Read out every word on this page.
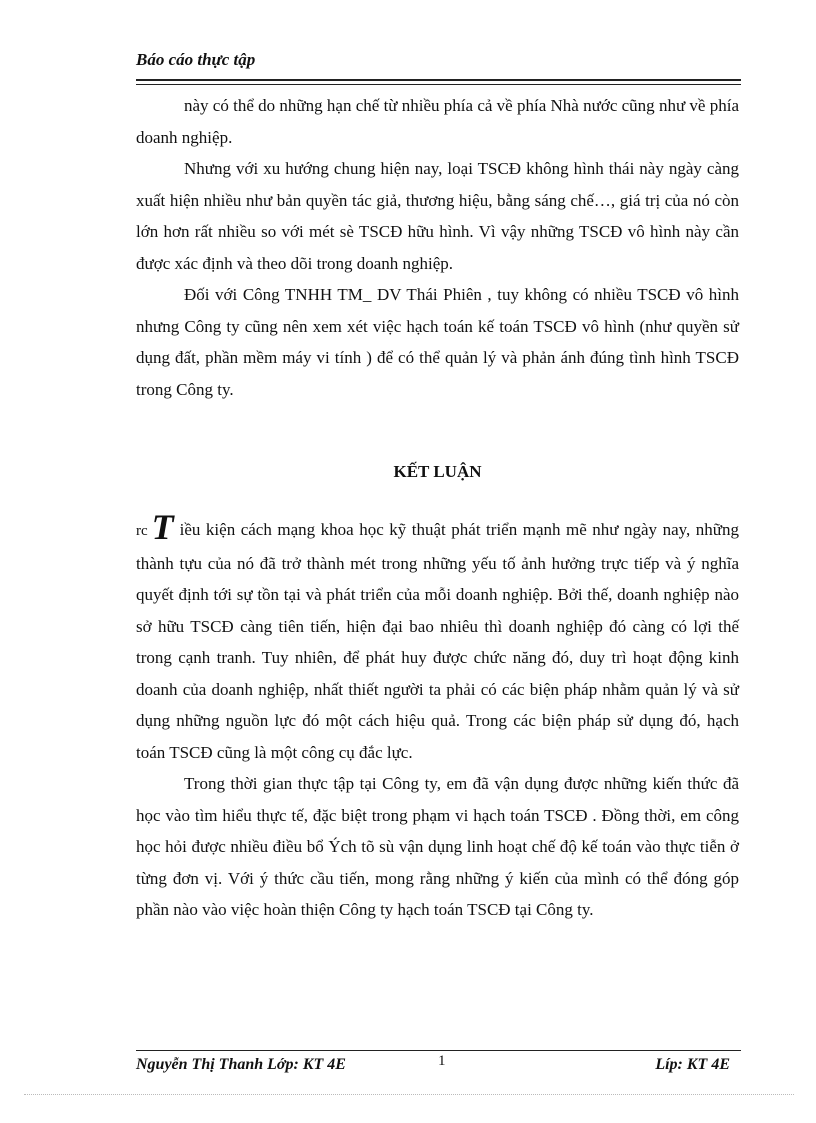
Báo cáo thực tập

này có thể do những hạn chế từ nhiều phía cả về phía Nhà nước cũng như về phía doanh nghiệp.

Nhưng với xu hướng chung hiện nay, loại TSCĐ không hình thái này ngày càng xuất hiện nhiều như bản quyền tác giả, thương hiệu, bằng sáng chế…, giá trị của nó còn lớn hơn rất nhiều so với mét sè TSCĐ hữu hình. Vì vậy những TSCĐ vô hình này cần được xác định và theo dõi trong doanh nghiệp.

Đối với Công TNHH TM_ DV Thái Phiên , tuy không có nhiều TSCĐ vô hình nhưng Công ty cũng nên xem xét việc hạch toán kế toán TSCĐ vô hình (như quyền sử dụng đất, phần mềm máy vi tính ) để có thể quản lý và phản ánh đúng tình hình TSCĐ trong Công ty.

KẾT LUẬN

rc T iều kiện cách mạng khoa học kỹ thuật phát triển mạnh mẽ như ngày nay, những thành tựu của nó đã trở thành mét trong những yếu tố ảnh hưởng trực tiếp và ý nghĩa quyết định tới sự tồn tại và phát triển của mỗi doanh nghiệp. Bởi thế, doanh nghiệp nào sở hữu TSCĐ càng tiên tiến, hiện đại bao nhiêu thì doanh nghiệp đó càng có lợi thế trong cạnh tranh. Tuy nhiên, để phát huy được chức năng đó, duy trì hoạt động kinh doanh của doanh nghiệp, nhất thiết người ta phải có các biện pháp nhằm quản lý và sử dụng những nguồn lực đó một cách hiệu quả. Trong các biện pháp sử dụng đó, hạch toán TSCĐ cũng là một công cụ đắc lực.

Trong thời gian thực tập tại Công ty, em đã vận dụng được những kiến thức đã học vào tìm hiểu thực tế, đặc biệt trong phạm vi hạch toán TSCĐ . Đồng thời, em công học hỏi được nhiều điều bổ Ých tõ sù vận dụng linh hoạt chế độ kế toán vào thực tiễn ở từng đơn vị. Với ý thức cầu tiến, mong rằng những ý kiến của mình có thể đóng góp phần nào vào việc hoàn thiện Công ty hạch toán TSCĐ tại Công ty.

Nguyễn Thị Thanh Lớp: KT 4E	1	Líp: KT 4E
